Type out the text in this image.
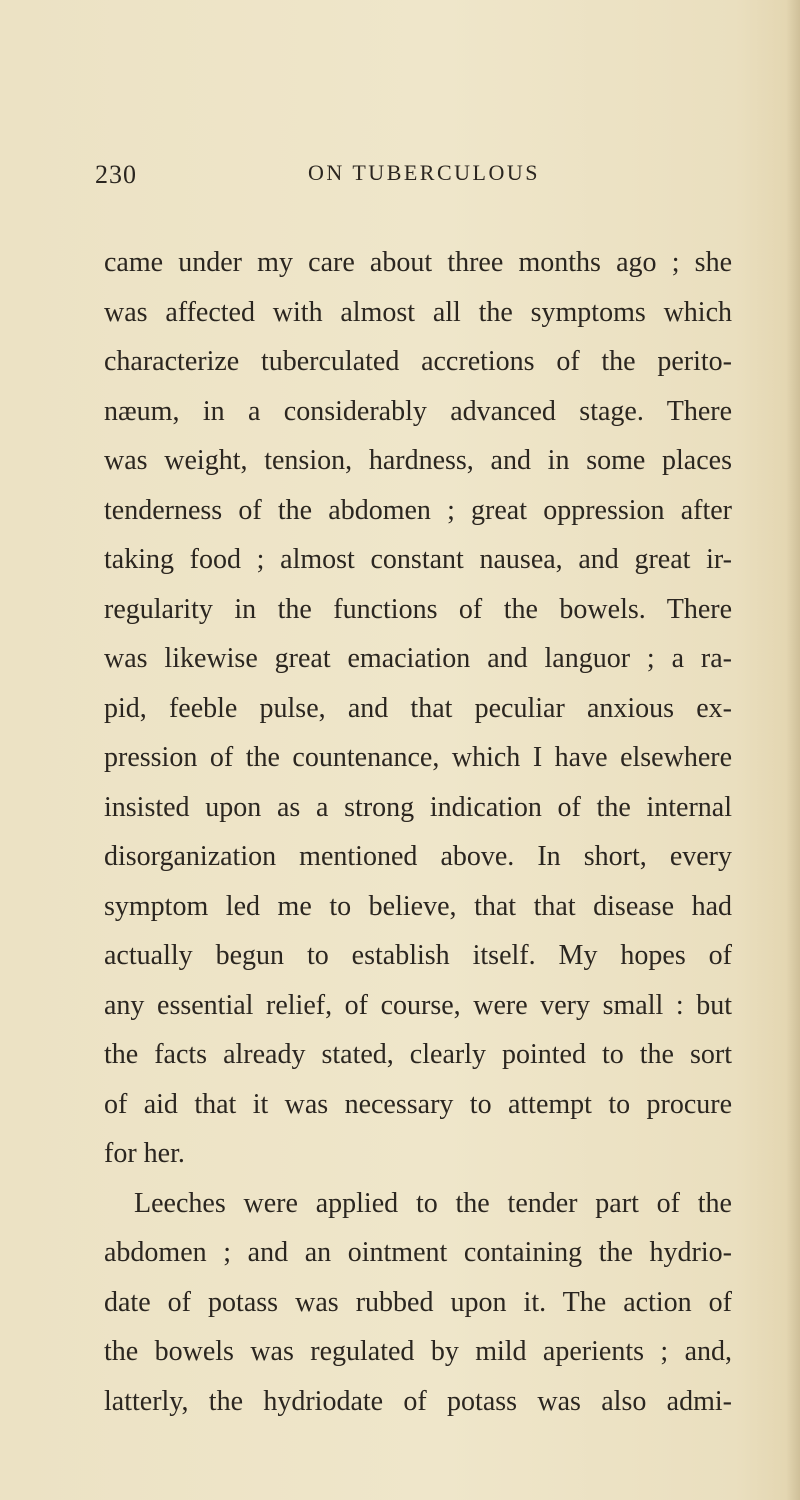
230	ON TUBERCULOUS
came under my care about three months ago ; she
was affected with almost all the symptoms which
characterize tuberculated accretions of the perito-
næum, in a considerably advanced stage. There
was weight, tension, hardness, and in some places
tenderness of the abdomen ; great oppression after
taking food ; almost constant nausea, and great ir-
regularity in the functions of the bowels. There
was likewise great emaciation and languor ; a ra-
pid, feeble pulse, and that peculiar anxious ex-
pression of the countenance, which I have elsewhere
insisted upon as a strong indication of the internal
disorganization mentioned above. In short, every
symptom led me to believe, that that disease had
actually begun to establish itself. My hopes of
any essential relief, of course, were very small : but
the facts already stated, clearly pointed to the sort
of aid that it was necessary to attempt to procure
for her.
Leeches were applied to the tender part of the
abdomen ; and an ointment containing the hydrio-
date of potass was rubbed upon it. The action of
the bowels was regulated by mild aperients ; and,
latterly, the hydriodate of potass was also admi-
